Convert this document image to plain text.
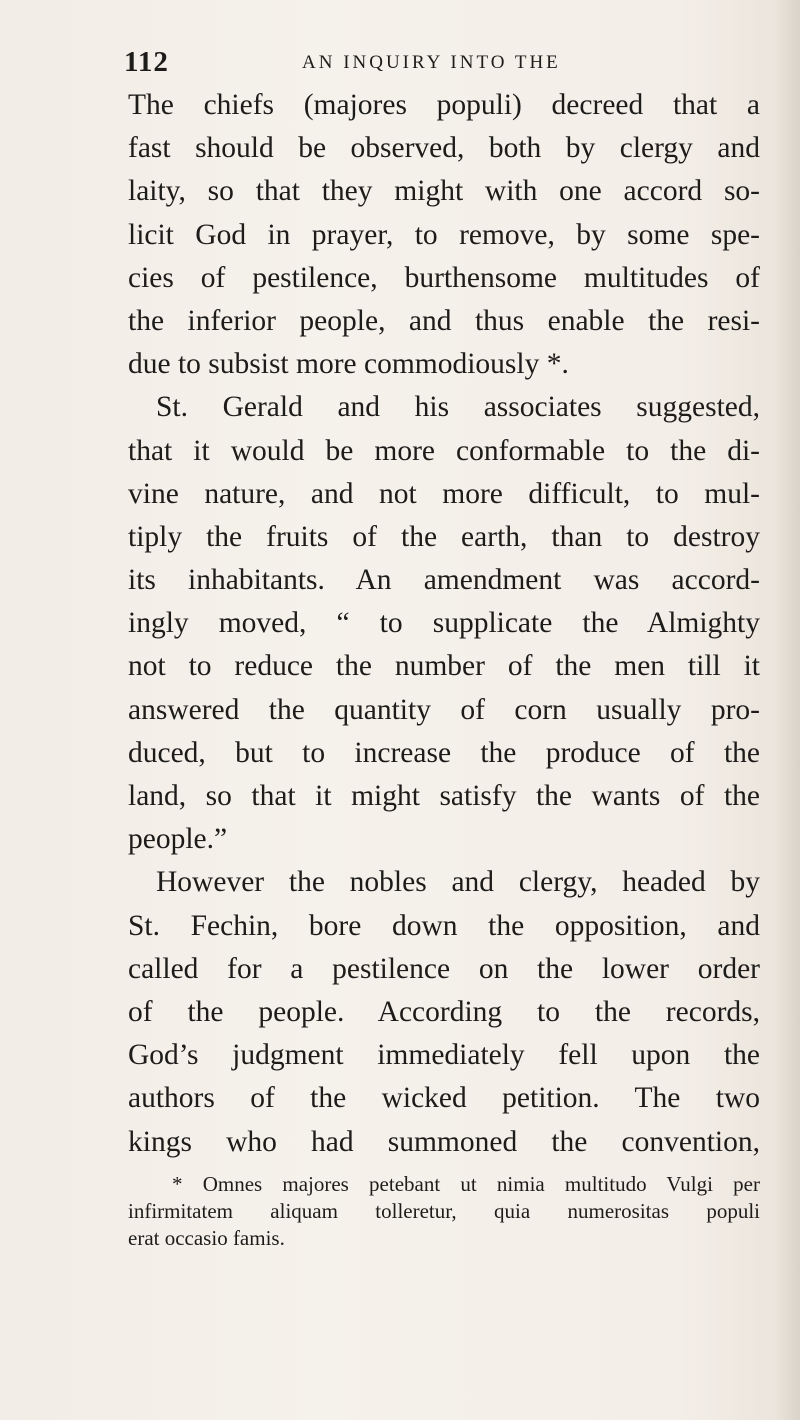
112	AN INQUIRY INTO THE
The chiefs (majores populi) decreed that a
fast should be observed, both by clergy and
laity, so that they might with one accord so-
licit God in prayer, to remove, by some spe-
cies of pestilence, burthensome multitudes of
the inferior people, and thus enable the resi-
due to subsist more commodiously *.
St. Gerald and his associates suggested,
that it would be more conformable to the di-
vine nature, and not more difficult, to mul-
tiply the fruits of the earth, than to destroy
its inhabitants. An amendment was accord-
ingly moved, “ to supplicate the Almighty
not to reduce the number of the men till it
answered the quantity of corn usually pro-
duced, but to increase the produce of the
land, so that it might satisfy the wants of the
people.”
However the nobles and clergy, headed by
St. Fechin, bore down the opposition, and
called for a pestilence on the lower order
of the people. According to the records,
God’s judgment immediately fell upon the
authors of the wicked petition. The two
kings who had summoned the convention,
* Omnes majores petebant ut nimia multitudo Vulgi per
infirmitatem aliquam tolleretur, quia numerositas populi
erat occasio famis.
